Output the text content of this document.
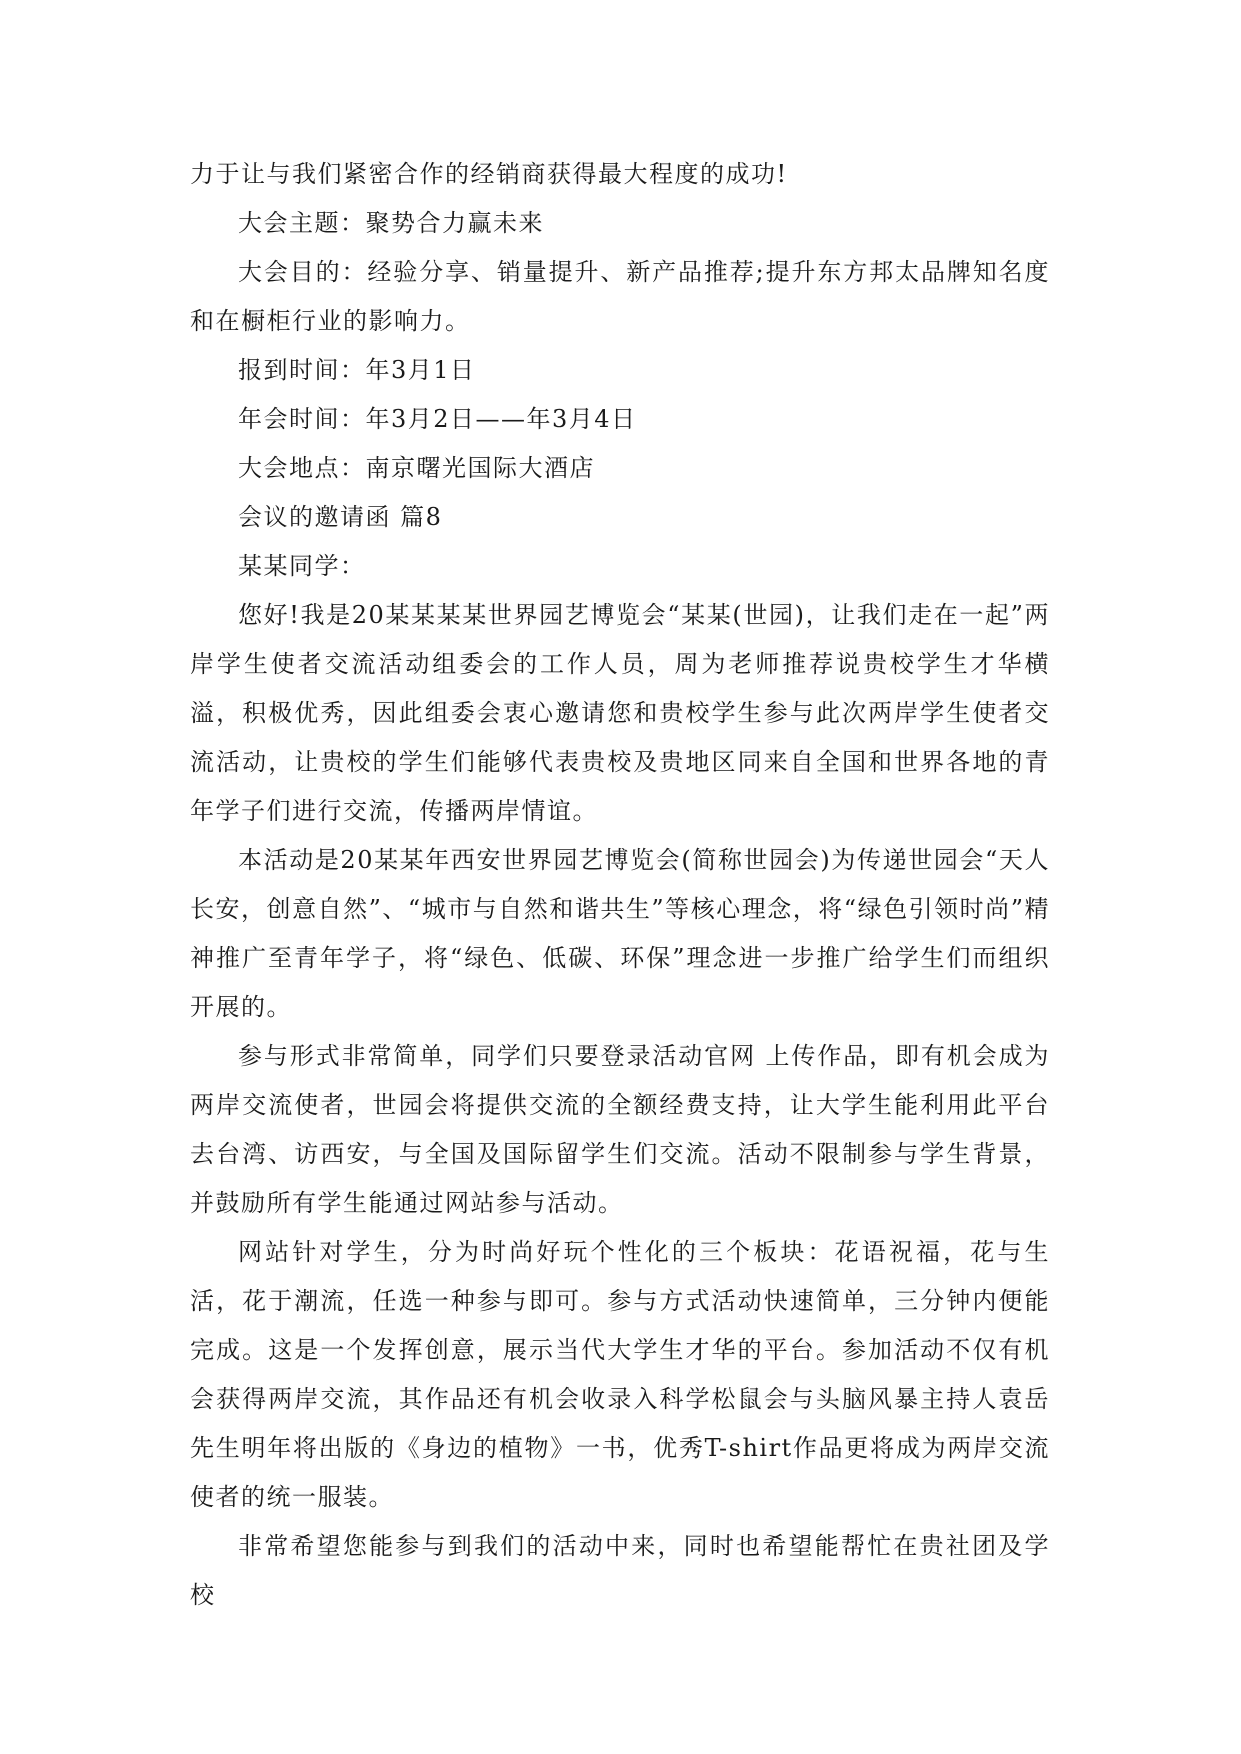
力于让与我们紧密合作的经销商获得最大程度的成功!

大会主题：聚势合力赢未来

大会目的：经验分享、销量提升、新产品推荐;提升东方邦太品牌知名度和在橱柜行业的影响力。

报到时间：年3月1日

年会时间：年3月2日——年3月4日

大会地点：南京曙光国际大酒店

会议的邀请函 篇8

某某同学：

您好!我是20某某某某世界园艺博览会“某某(世园)，让我们走在一起”两岸学生使者交流活动组委会的工作人员，周为老师推荐说贵校学生才华横溢，积极优秀，因此组委会衷心邀请您和贵校学生参与此次两岸学生使者交流活动，让贵校的学生们能够代表贵校及贵地区同来自全国和世界各地的青年学子们进行交流，传播两岸情谊。

本活动是20某某年西安世界园艺博览会(简称世园会)为传递世园会“天人长安，创意自然”、“城市与自然和谐共生”等核心理念，将“绿色引领时尚”精神推广至青年学子，将“绿色、低碳、环保”理念进一步推广给学生们而组织开展的。

参与形式非常简单，同学们只要登录活动官网 上传作品，即有机会成为两岸交流使者，世园会将提供交流的全额经费支持，让大学生能利用此平台去台湾、访西安，与全国及国际留学生们交流。活动不限制参与学生背景，并鼓励所有学生能通过网站参与活动。

网站针对学生，分为时尚好玩个性化的三个板块：花语祝福，花与生活，花于潮流，任选一种参与即可。参与方式活动快速简单，三分钟内便能完成。这是一个发挥创意，展示当代大学生才华的平台。参加活动不仅有机会获得两岸交流，其作品还有机会收录入科学松鼠会与头脑风暴主持人袁岳先生明年将出版的《身边的植物》一书，优秀T-shirt作品更将成为两岸交流使者的统一服装。

非常希望您能参与到我们的活动中来，同时也希望能帮忙在贵社团及学校
